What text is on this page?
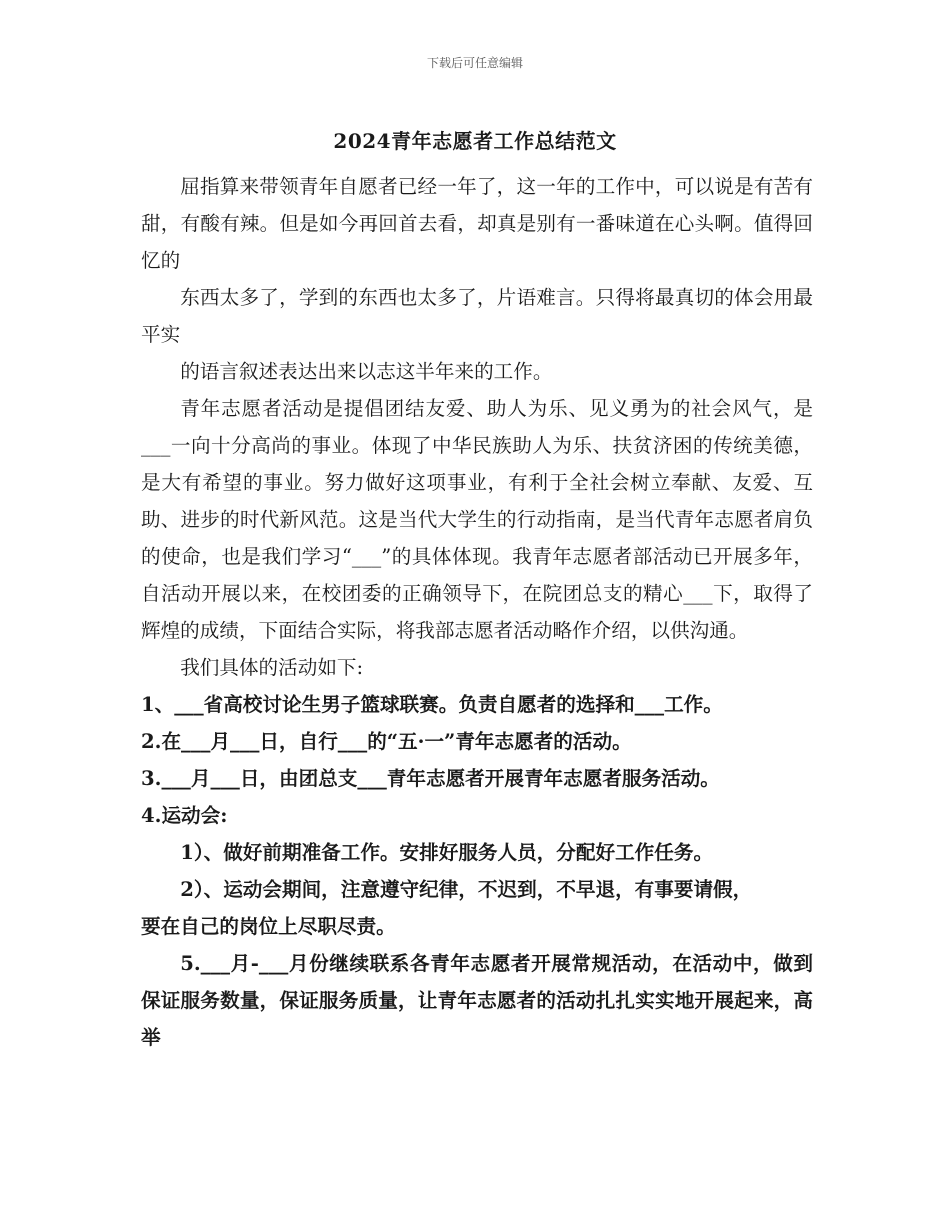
下载后可任意编辑
2024青年志愿者工作总结范文

屈指算来带领青年自愿者已经一年了，这一年的工作中，可以说是有苦有甜，有酸有辣。但是如今再回首去看，却真是别有一番味道在心头啊。值得回忆的

东西太多了，学到的东西也太多了，片语难言。只得将最真切的体会用最平实

的语言叙述表达出来以志这半年来的工作。

青年志愿者活动是提倡团结友爱、助人为乐、见义勇为的社会风气，是___一向十分高尚的事业。体现了中华民族助人为乐、扶贫济困的传统美德，是大有希望的事业。努力做好这项事业，有利于全社会树立奉献、友爱、互助、进步的时代新风范。这是当代大学生的行动指南，是当代青年志愿者肩负的使命，也是我们学习“___”的具体体现。我青年志愿者部活动已开展多年，自活动开展以来，在校团委的正确领导下，在院团总支的精心___下，取得了辉煌的成绩，下面结合实际，将我部志愿者活动略作介绍，以供沟通。

我们具体的活动如下:

1、___省高校讨论生男子篮球联赛。负责自愿者的选择和___工作。

2.在___月___日，自行___的“五·一”青年志愿者的活动。

3.___月___日，由团总支___青年志愿者开展青年志愿者服务活动。

4.运动会:

1）、做好前期准备工作。安排好服务人员，分配好工作任务。

2）、运动会期间，注意遵守纪律，不迟到，不早退，有事要请假，

要在自己的岗位上尽职尽责。

5.___月-___月份继续联系各青年志愿者开展常规活动，在活动中，做到保证服务数量，保证服务质量，让青年志愿者的活动扎扎实实地开展起来，高举
